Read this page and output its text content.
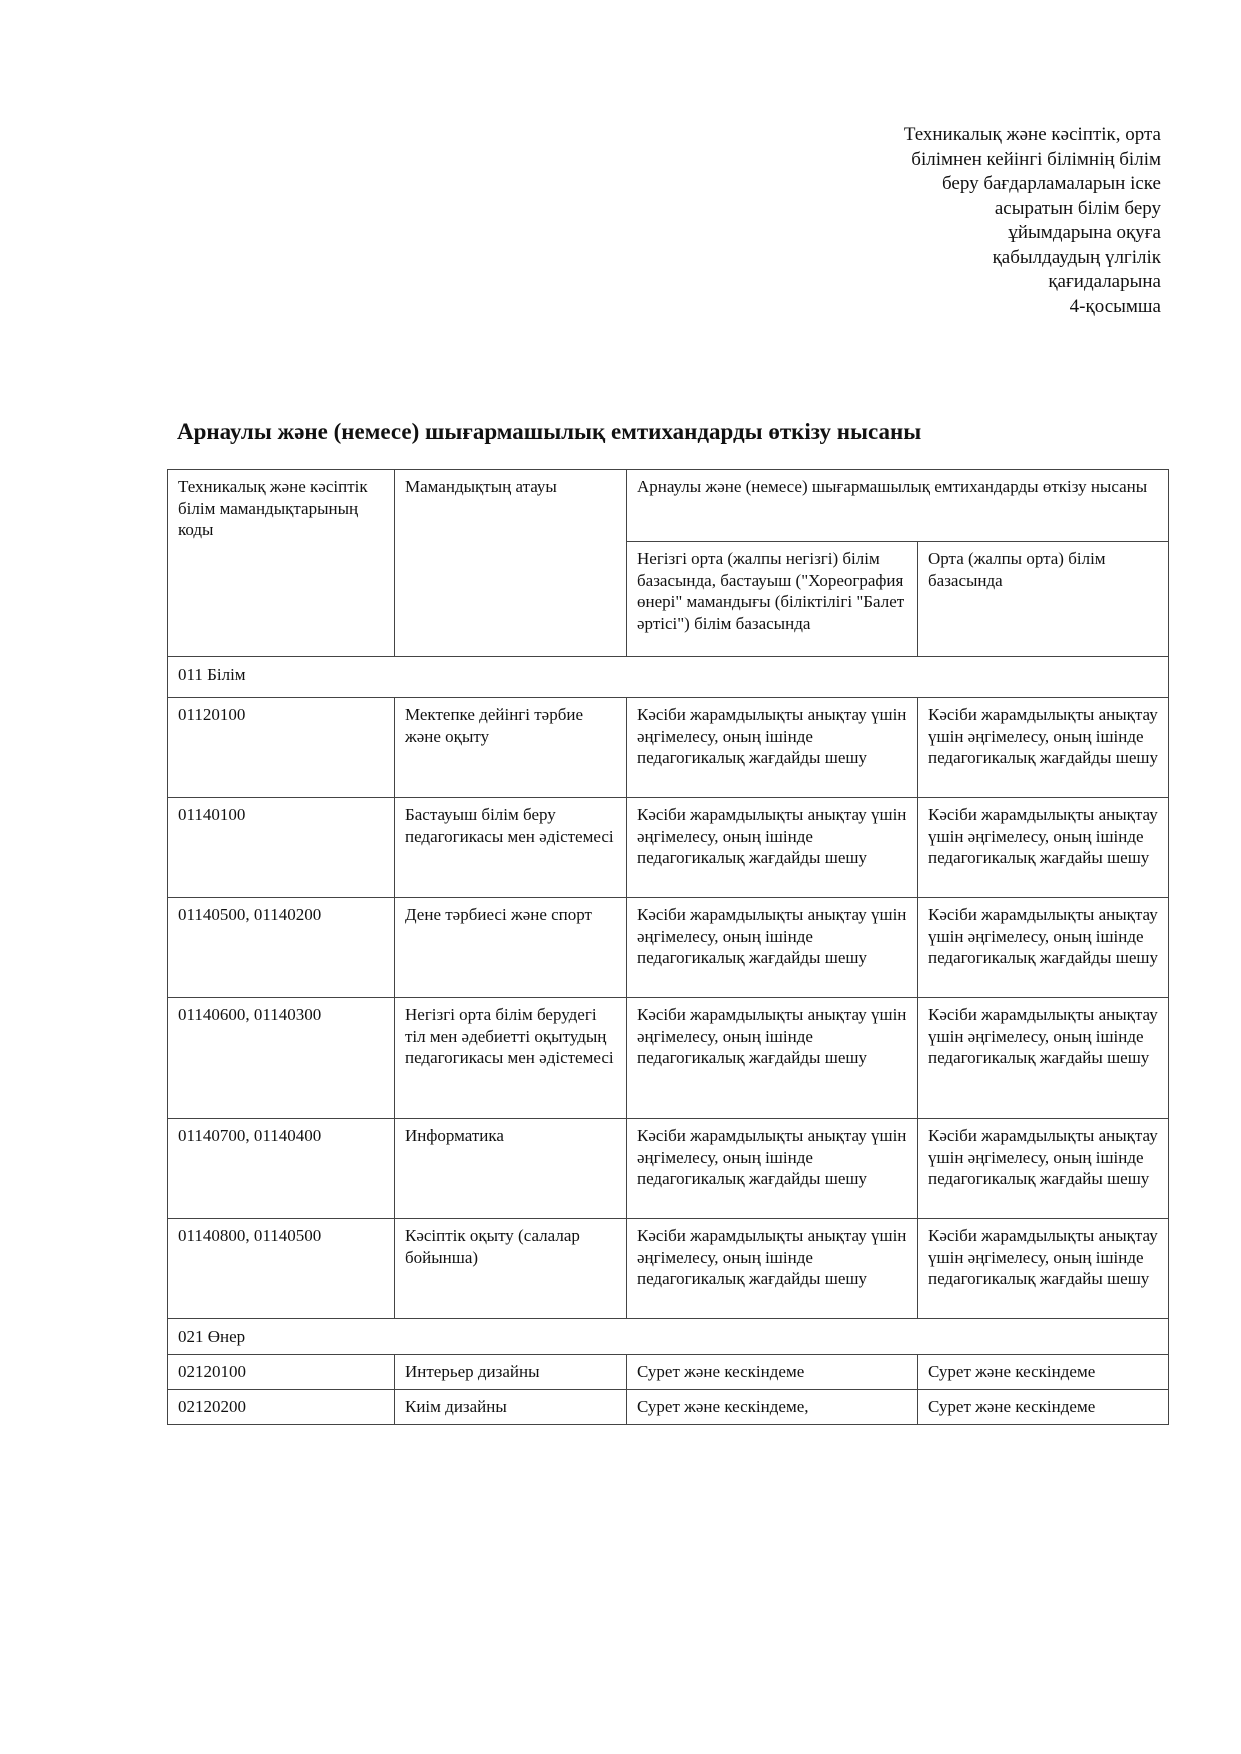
Техникалық және кәсіптік, орта
білімнен кейінгі білімнің білім
беру бағдарламаларын іске
асыратын білім беру
ұйымдарына оқуға
қабылдаудың үлгілік
қағидаларына
4-қосымша
Арнаулы және (немесе) шығармашылық емтихандарды өткізу нысаны
Техникалық және кәсіптік білім мамандықтарының коды	Мамандықтың атауы	Арнаулы және (немесе) шығармашылық емтихандарды өткізу нысаны	
		Негізгі орта (жалпы негізгі) білім базасында, бастауыш ("Хореография өнері" мамандығы (біліктілігі "Балет әртісі") білім базасында	Орта (жалпы орта) білім базасында
011 Білім			
01120100	Мектепке дейінгі тәрбие және оқыту	Кәсіби жарамдылықты анықтау үшін әңгімелесу, оның ішінде педагогикалық жағдайды шешу	Кәсіби жарамдылықты анықтау үшін әңгімелесу, оның ішінде педагогикалық жағдайды шешу
01140100	Бастауыш білім беру педагогикасы мен әдістемесі	Кәсіби жарамдылықты анықтау үшін әңгімелесу, оның ішінде педагогикалық жағдайды шешу	Кәсіби жарамдылықты анықтау үшін әңгімелесу, оның ішінде педагогикалық жағдайы шешу
01140500, 01140200	Дене тәрбиесі және спорт	Кәсіби жарамдылықты анықтау үшін әңгімелесу, оның ішінде педагогикалық жағдайды шешу	Кәсіби жарамдылықты анықтау үшін әңгімелесу, оның ішінде педагогикалық жағдайды шешу
01140600, 01140300	Негізгі орта білім берудегі тіл мен әдебиетті оқытудың педагогикасы мен әдістемесі	Кәсіби жарамдылықты анықтау үшін әңгімелесу, оның ішінде педагогикалық жағдайды шешу	Кәсіби жарамдылықты анықтау үшін әңгімелесу, оның ішінде педагогикалық жағдайы шешу
01140700, 01140400	Информатика	Кәсіби жарамдылықты анықтау үшін әңгімелесу, оның ішінде педагогикалық жағдайды шешу	Кәсіби жарамдылықты анықтау үшін әңгімелесу, оның ішінде педагогикалық жағдайы шешу
01140800, 01140500	Кәсіптік оқыту (салалар бойынша)	Кәсіби жарамдылықты анықтау үшін әңгімелесу, оның ішінде педагогикалық жағдайды шешу	Кәсіби жарамдылықты анықтау үшін әңгімелесу, оның ішінде педагогикалық жағдайы шешу
021 Өнер			
02120100	Интерьер дизайны	Сурет және кескіндеме	Сурет және кескіндеме
02120200	Киім дизайны	Сурет және кескіндеме,	Сурет және кескіндеме
